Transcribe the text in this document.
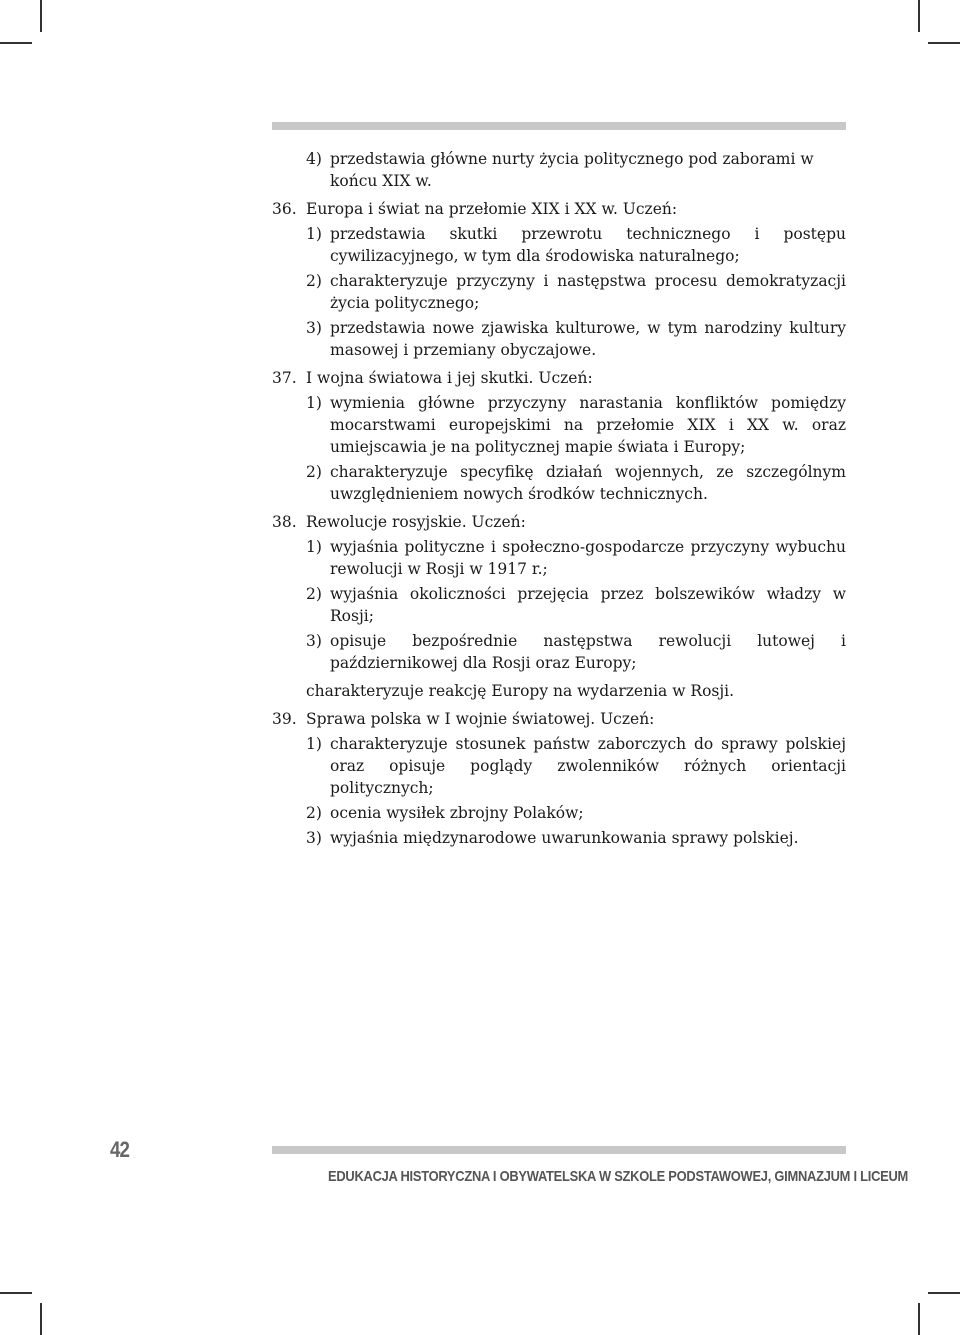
4) przedstawia główne nurty życia politycznego pod zaborami w końcu XIX w.
36. Europa i świat na przełomie XIX i XX w. Uczeń:
1) przedstawia skutki przewrotu technicznego i postępu cywilizacyjnego, w tym dla środowiska naturalnego;
2) charakteryzuje przyczyny i następstwa procesu demokratyzacji życia politycznego;
3) przedstawia nowe zjawiska kulturowe, w tym narodziny kultury masowej i przemiany obyczajowe.
37. I wojna światowa i jej skutki. Uczeń:
1) wymienia główne przyczyny narastania konfliktów pomiędzy mocarstwami europejskimi na przełomie XIX i XX w. oraz umiejscawia je na politycznej mapie świata i Europy;
2) charakteryzuje specyfikę działań wojennych, ze szczególnym uwzględnieniem nowych środków technicznych.
38. Rewolucje rosyjskie. Uczeń:
1) wyjaśnia polityczne i społeczno-gospodarcze przyczyny wybuchu rewolucji w Rosji w 1917 r.;
2) wyjaśnia okoliczności przejęcia przez bolszewików władzy w Rosji;
3) opisuje bezpośrednie następstwa rewolucji lutowej i październikowej dla Rosji oraz Europy;
charakteryzuje reakcję Europy na wydarzenia w Rosji.
39. Sprawa polska w I wojnie światowej. Uczeń:
1) charakteryzuje stosunek państw zaborczych do sprawy polskiej oraz opisuje poglądy zwolenników różnych orientacji politycznych;
2) ocenia wysiłek zbrojny Polaków;
3) wyjaśnia międzynarodowe uwarunkowania sprawy polskiej.
42
EDUKACJA HISTORYCZNA I OBYWATELSKA W SZKOLE PODSTAWOWEJ, GIMNAZJUM I LICEUM
